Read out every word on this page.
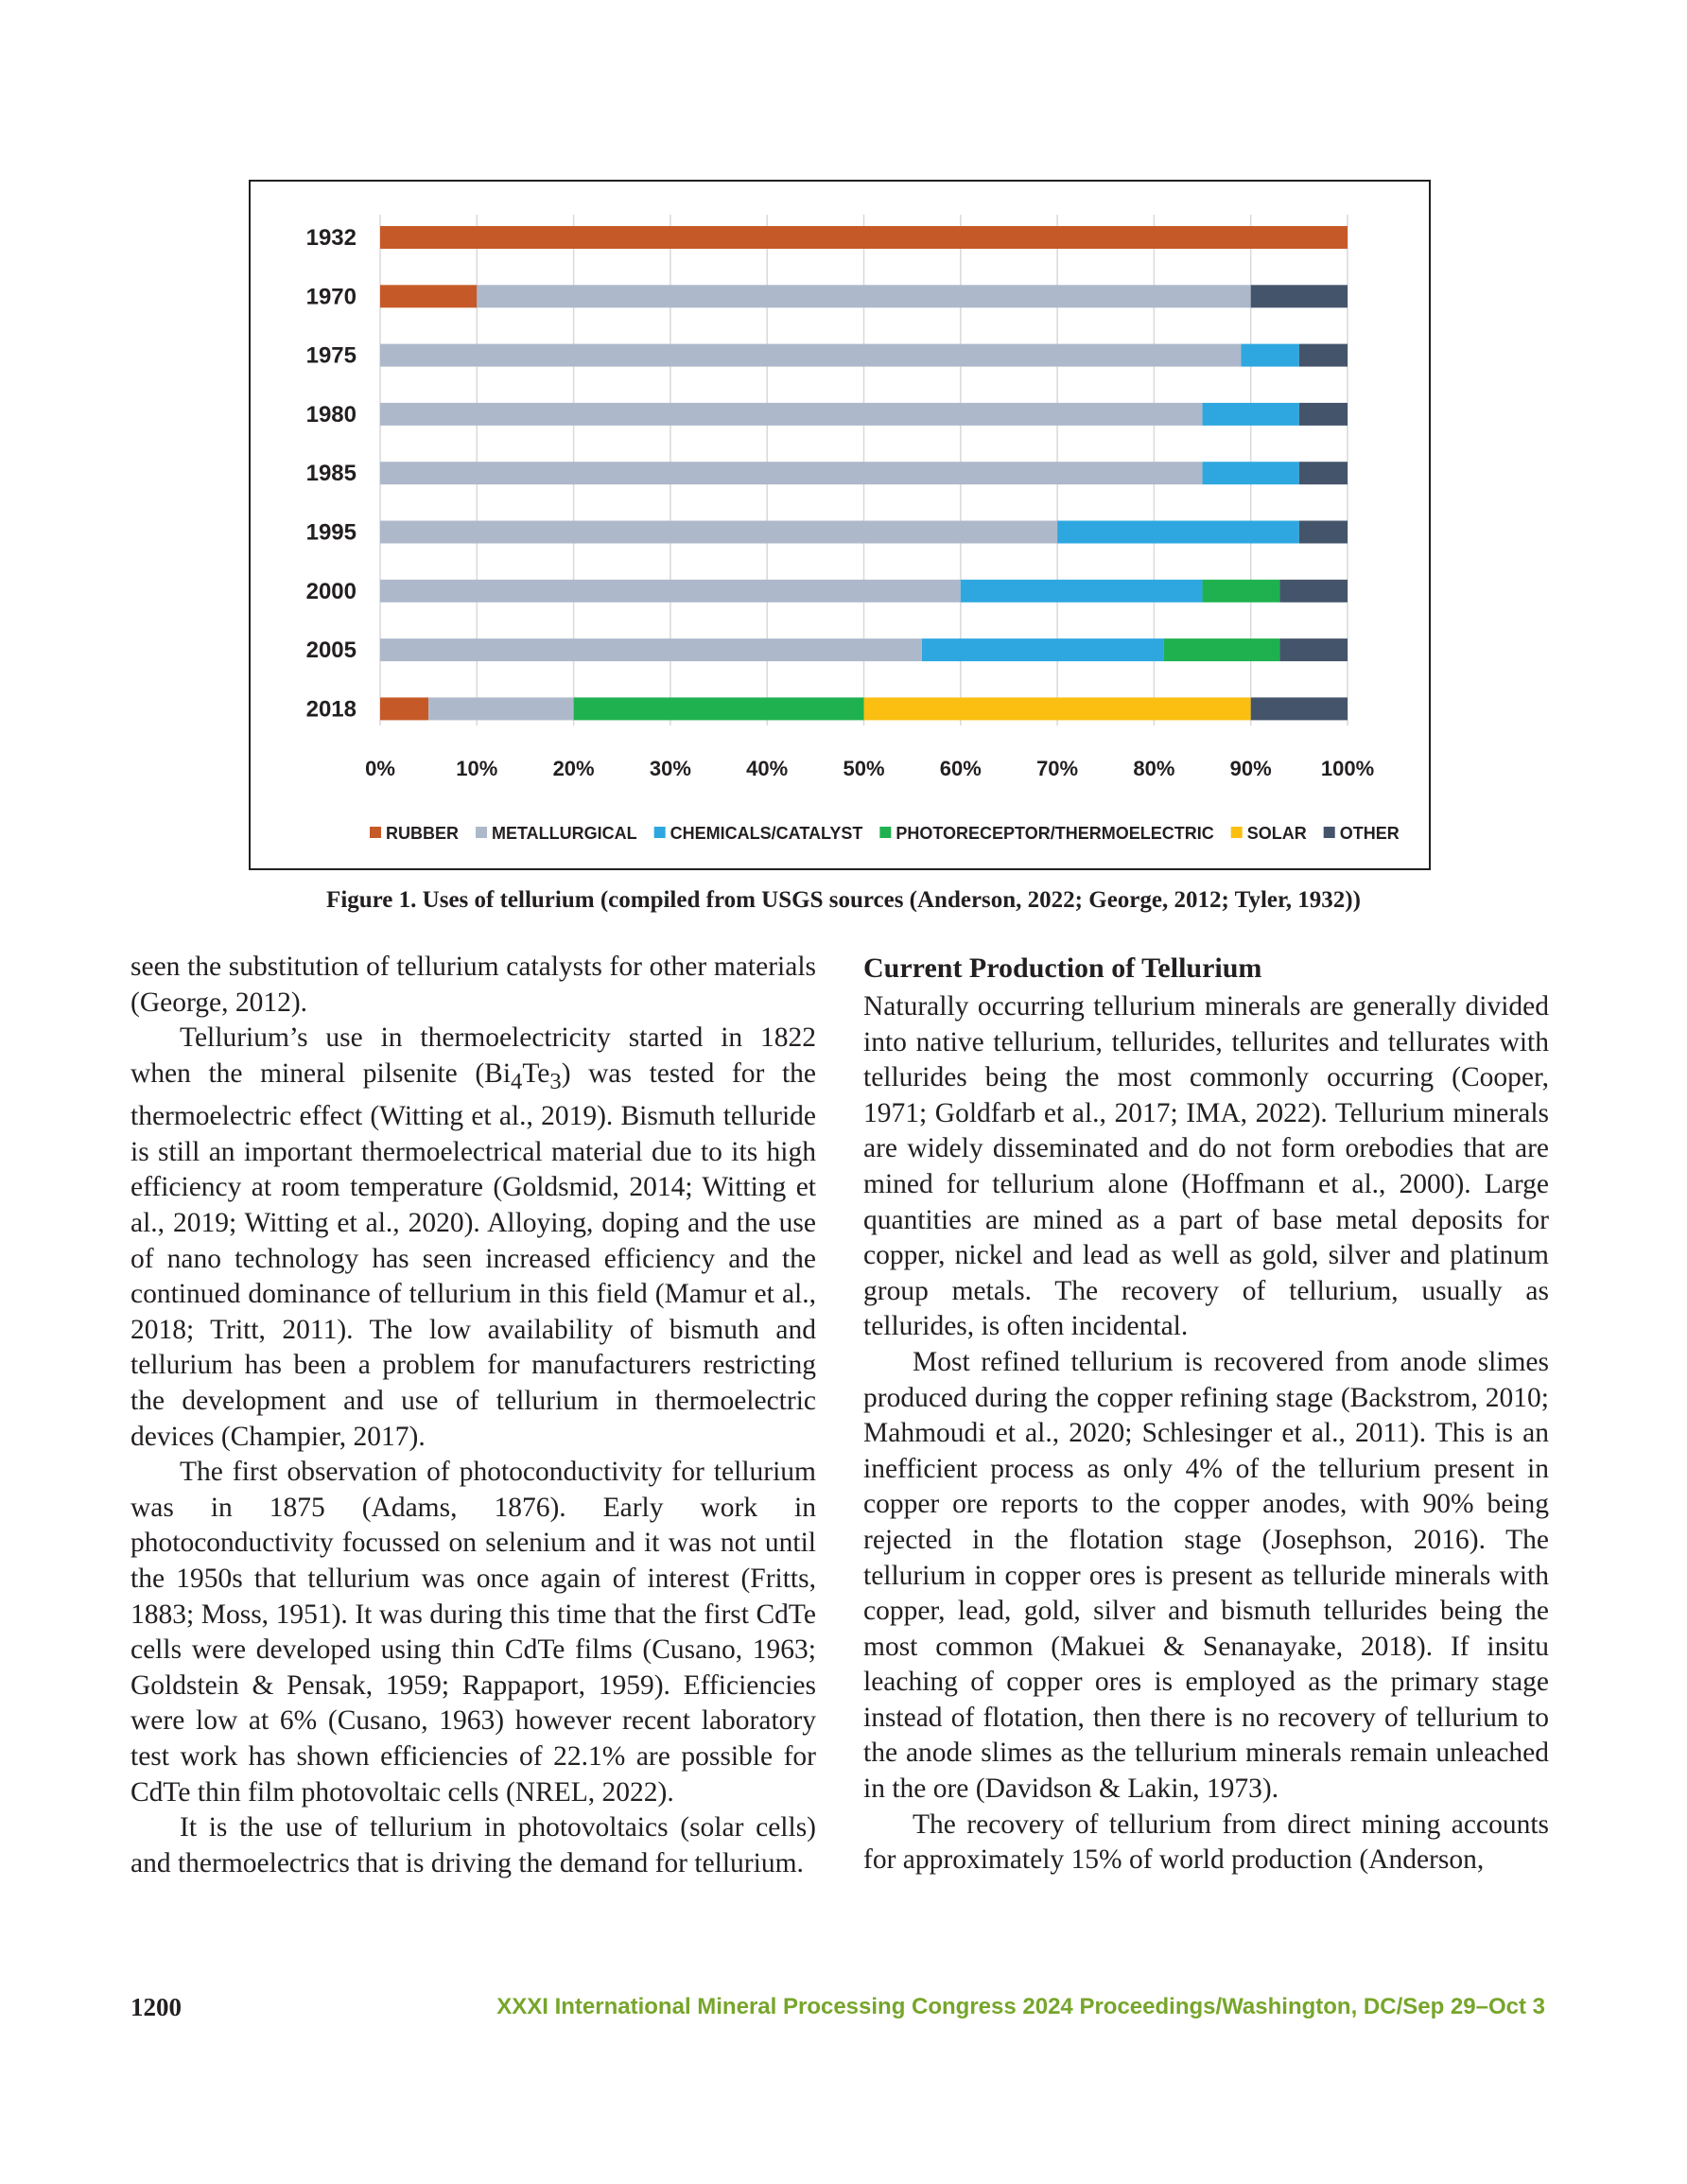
0%	10%	20%	30%	40%	50%	60%	70%	80%	90% 100%
1932
1970
1975
1980
1985
1995
2000
2005
2018
RUBBER METALLURGICAL CHEMICALS/CATALYST PHOTORECEPTOR/THERMOELECTRIC SOLAR OTHER
Figure 1. Uses of tellurium (compiled from USGS sources (Anderson, 2022; George, 2012; Tyler, 1932))

seen the substitution of tellurium catalysts for other materials (George, 2012).

Tellurium’s use in thermoelectricity started in 1822 when the mineral pilsenite $(Bi_4Te_3)$ was tested for the thermoelectric effect (Witting et al., 2019). Bismuth telluride is still an important thermoelectrical material due to its high efficiency at room temperature (Goldsmid, 2014; Witting et al., 2019; Witting et al., 2020). Alloying, doping and the use of nano technology has seen increased efficiency and the continued dominance of tellurium in this field (Mamur et al., 2018; Tritt, 2011). The low availability of bismuth and tellurium has been a problem for manufacturers restricting the development and use of tellurium in thermoelectric devices (Champier, 2017).

The first observation of photoconductivity for tellurium was in 1875 (Adams, 1876). Early work in photoconductivity focussed on selenium and it was not until the 1950s that tellurium was once again of interest (Fritts, 1883; Moss, 1951). It was during this time that the first CdTe cells were developed using thin CdTe films (Cusano, 1963; Goldstein & Pensak, 1959; Rappaport, 1959). Efficiencies were low at 6% (Cusano, 1963) however recent laboratory test work has shown efficiencies of 22.1% are possible for CdTe thin film photovoltaic cells (NREL, 2022).

It is the use of tellurium in photovoltaics (solar cells) and thermoelectrics that is driving the demand for tellurium.

Current Production of Tellurium

Naturally occurring tellurium minerals are generally divided into native tellurium, tellurides, tellurites and tellurates with tellurides being the most commonly occurring (Cooper, 1971; Goldfarb et al., 2017; IMA, 2022). Tellurium minerals are widely disseminated and do not form orebodies that are mined for tellurium alone (Hoffmann et al., 2000). Large quantities are mined as a part of base metal deposits for copper, nickel and lead as well as gold, silver and platinum group metals. The recovery of tellurium, usually as tellurides, is often incidental.

Most refined tellurium is recovered from anode slimes produced during the copper refining stage (Backstrom, 2010; Mahmoudi et al., 2020; Schlesinger et al., 2011). This is an inefficient process as only 4% of the tellurium present in copper ore reports to the copper anodes, with 90% being rejected in the flotation stage (Josephson, 2016). The tellurium in copper ores is present as telluride minerals with copper, lead, gold, silver and bismuth tellurides being the most common (Makuei & Senanayake, 2018). If insitu leaching of copper ores is employed as the primary stage instead of flotation, then there is no recovery of tellurium to the anode slimes as the tellurium minerals remain unleached in the ore (Davidson & Lakin, 1973).

The recovery of tellurium from direct mining accounts for approximately 15% of world production (Anderson,

1200	XXXI International Mineral Processing Congress 2024 Proceedings/Washington, DC/Sep 29–Oct 3
